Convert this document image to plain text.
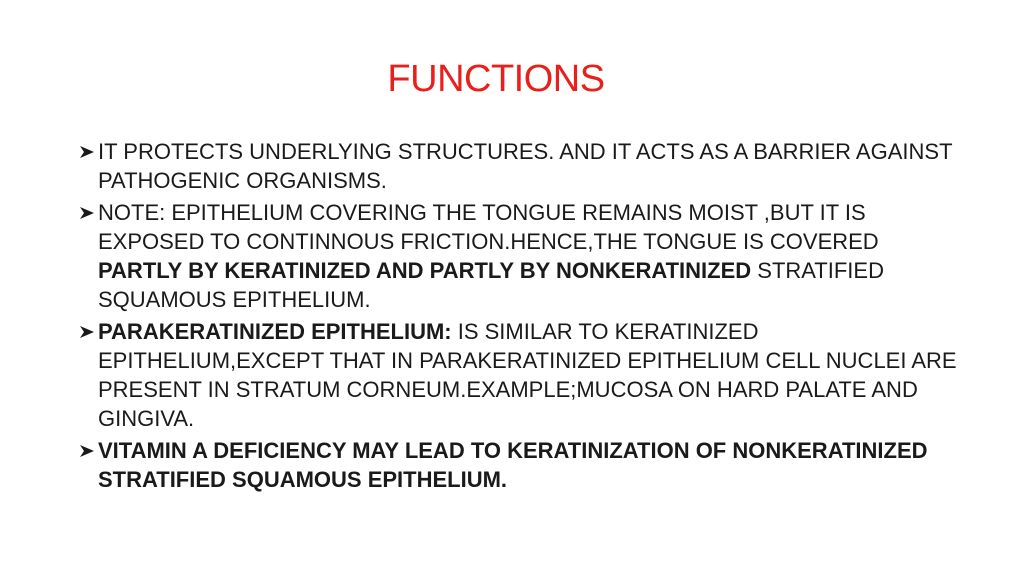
FUNCTIONS
IT PROTECTS UNDERLYING STRUCTURES. AND IT ACTS AS A BARRIER AGAINST PATHOGENIC ORGANISMS.
NOTE: EPITHELIUM COVERING THE TONGUE REMAINS MOIST ,BUT IT IS EXPOSED TO CONTINNOUS FRICTION.HENCE,THE TONGUE IS COVERED PARTLY BY KERATINIZED AND PARTLY BY NONKERATINIZED STRATIFIED SQUAMOUS EPITHELIUM.
PARAKERATINIZED EPITHELIUM: IS SIMILAR TO KERATINIZED EPITHELIUM,EXCEPT THAT IN PARAKERATINIZED EPITHELIUM CELL NUCLEI ARE PRESENT IN STRATUM CORNEUM.EXAMPLE;MUCOSA ON HARD PALATE AND GINGIVA.
VITAMIN A DEFICIENCY MAY LEAD TO KERATINIZATION OF NONKERATINIZED STRATIFIED SQUAMOUS EPITHELIUM.
